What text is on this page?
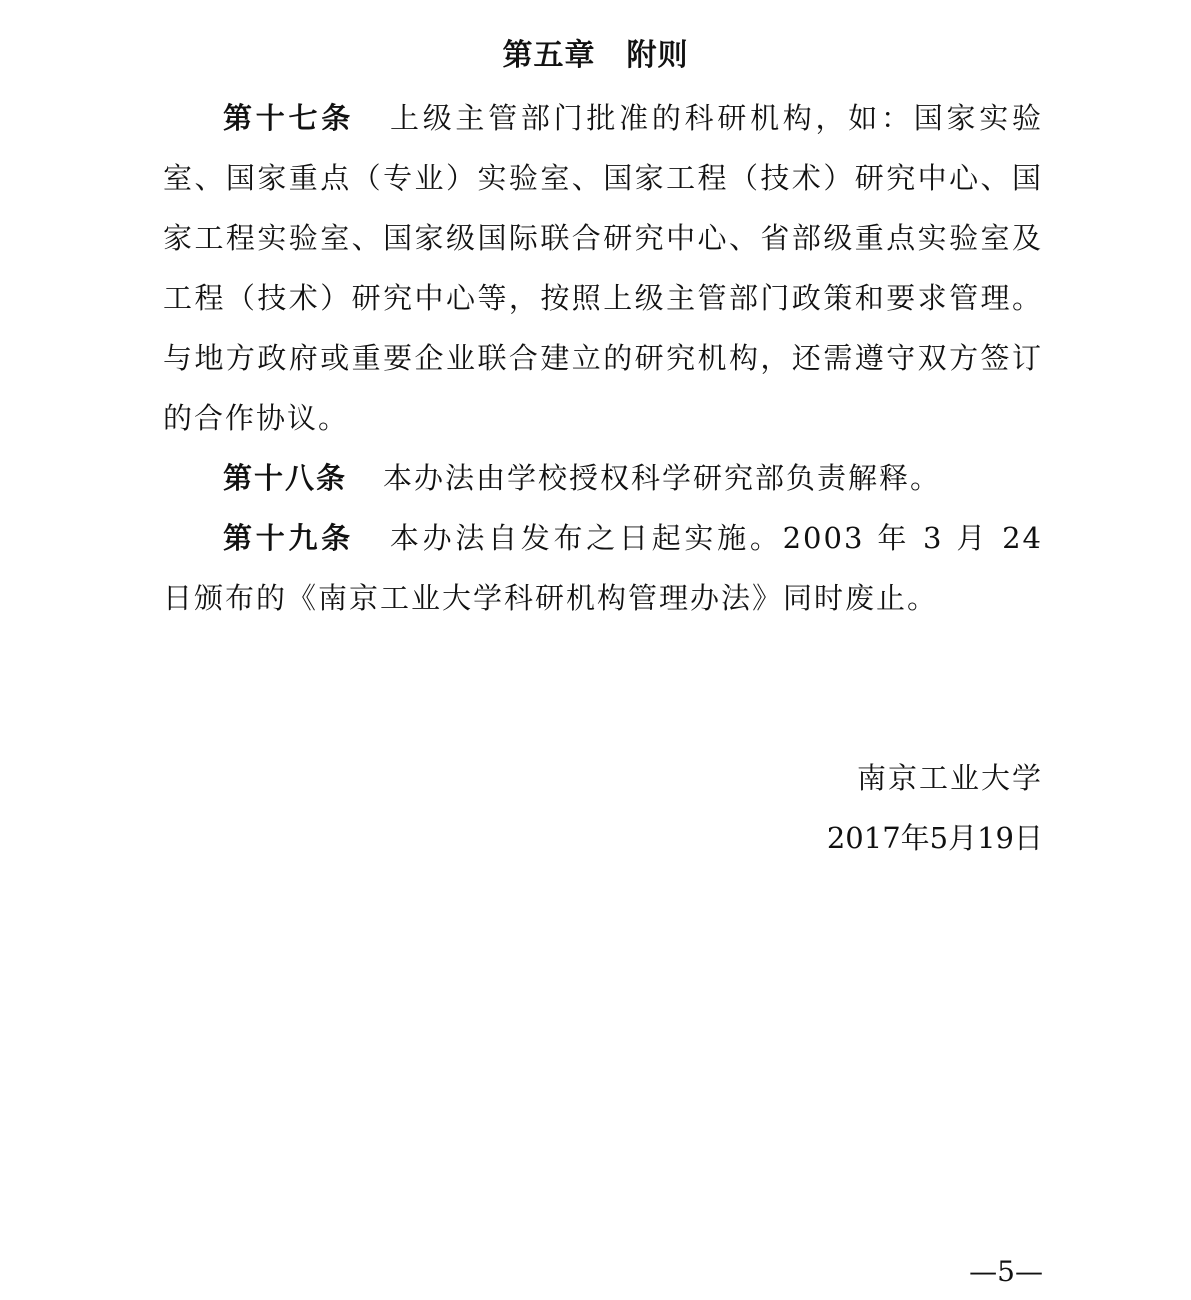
第五章　附则

第十七条 上级主管部门批准的科研机构，如：国家实验室、国家重点（专业）实验室、国家工程（技术）研究中心、国家工程实验室、国家级国际联合研究中心、省部级重点实验室及工程（技术）研究中心等，按照上级主管部门政策和要求管理。与地方政府或重要企业联合建立的研究机构，还需遵守双方签订的合作协议。

第十八条 本办法由学校授权科学研究部负责解释。

第十九条 本办法自发布之日起实施。2003 年 3 月 24 日颁布的《南京工业大学科研机构管理办法》同时废止。

南京工业大学
2017年5月19日
—5—
